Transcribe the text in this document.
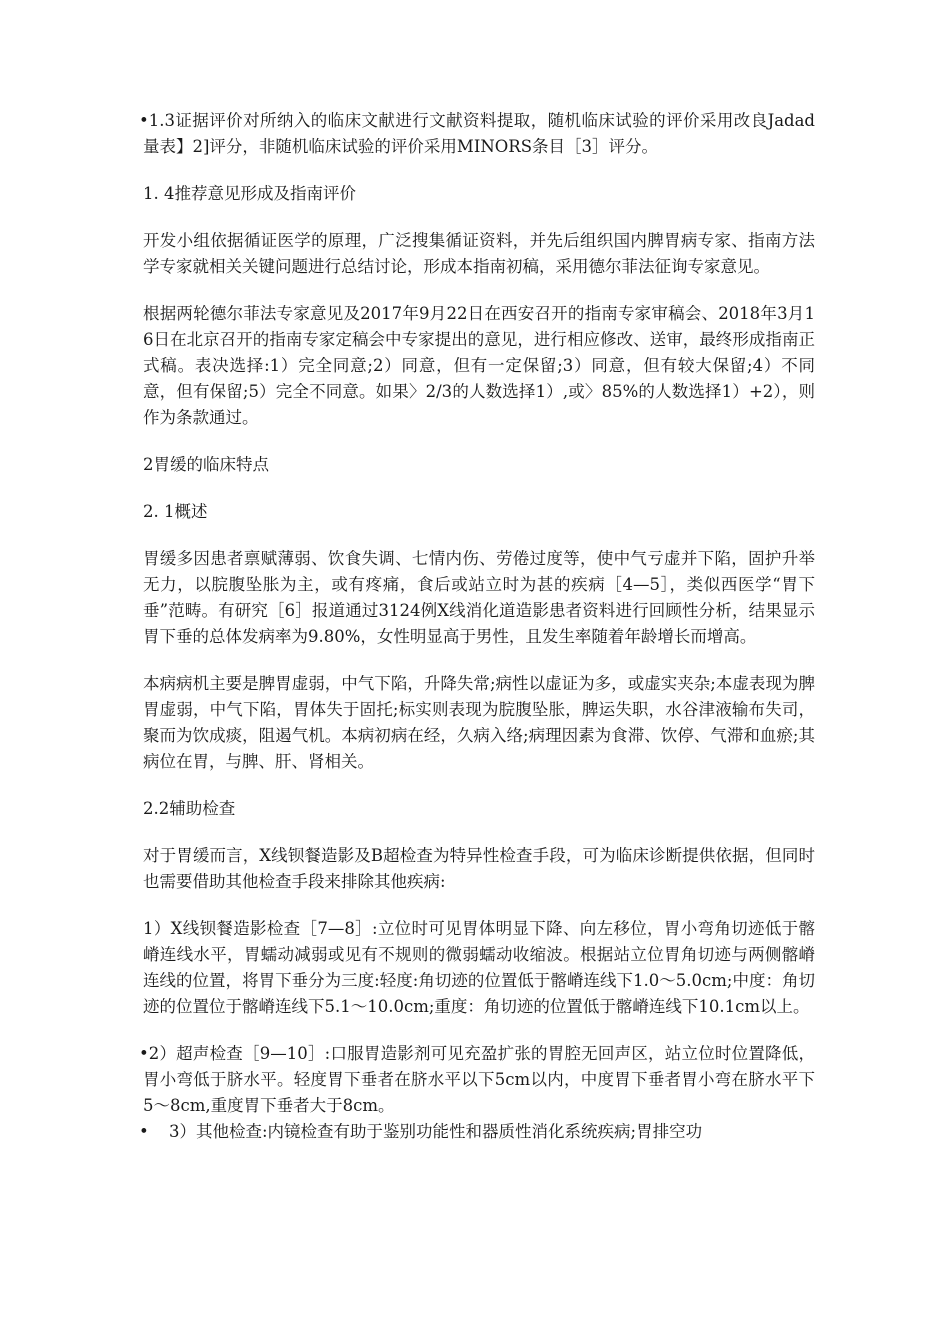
•1.3证据评价对所纳入的临床文献进行文献资料提取，随机临床试验的评价采用改良Jadad量表】2]评分，非随机临床试验的评价采用MINORS条目［3］评分。

1. 4推荐意见形成及指南评价

开发小组依据循证医学的原理，广泛搜集循证资料，并先后组织国内脾胃病专家、指南方法学专家就相关关键问题进行总结讨论，形成本指南初稿，采用德尔菲法征询专家意见。

根据两轮德尔菲法专家意见及2017年9月22日在西安召开的指南专家审稿会、2018年3月16日在北京召开的指南专家定稿会中专家提出的意见，进行相应修改、送审，最终形成指南正式稿。表决选择:1）完全同意;2）同意，但有一定保留;3）同意，但有较大保留;4）不同意，但有保留;5）完全不同意。如果〉2/3的人数选择1）,或〉85%的人数选择1）+2），则作为条款通过。

2胃缓的临床特点

2. 1概述

胃缓多因患者禀赋薄弱、饮食失调、七情内伤、劳倦过度等，使中气亏虚并下陷，固护升举无力，以脘腹坠胀为主，或有疼痛，食后或站立时为甚的疾病［4—5］，类似西医学“胃下垂”范畴。有研究［6］报道通过3124例X线消化道造影患者资料进行回顾性分析，结果显示胃下垂的总体发病率为9.80%，女性明显高于男性，且发生率随着年龄增长而增高。

本病病机主要是脾胃虚弱，中气下陷，升降失常;病性以虚证为多，或虚实夹杂;本虚表现为脾胃虚弱，中气下陷，胃体失于固托;标实则表现为脘腹坠胀，脾运失职，水谷津液输布失司，聚而为饮成痰，阻遏气机。本病初病在经，久病入络;病理因素为食滞、饮停、气滞和血瘀;其病位在胃，与脾、肝、肾相关。

2.2辅助检查

对于胃缓而言，X线钡餐造影及B超检查为特异性检查手段，可为临床诊断提供依据，但同时也需要借助其他检查手段来排除其他疾病:

1）X线钡餐造影检查［7—8］:立位时可见胃体明显下降、向左移位，胃小弯角切迹低于髂嵴连线水平，胃蠕动减弱或见有不规则的微弱蠕动收缩波。根据站立位胃角切迹与两侧髂嵴连线的位置，将胃下垂分为三度:轻度:角切迹的位置低于髂嵴连线下1.0〜5.0cm;中度：角切迹的位置位于髂嵴连线下5.1〜10.0cm;重度：角切迹的位置低于髂嵴连线下10.1cm以上。

•2）超声检查［9—10］:口服胃造影剂可见充盈扩张的胃腔无回声区，站立位时位置降低，胃小弯低于脐水平。轻度胃下垂者在脐水平以下5cm以内，中度胃下垂者胃小弯在脐水平下5〜8cm,重度胃下垂者大于8cm。

•	3）其他检查:内镜检查有助于鉴别功能性和器质性消化系统疾病;胃排空功
